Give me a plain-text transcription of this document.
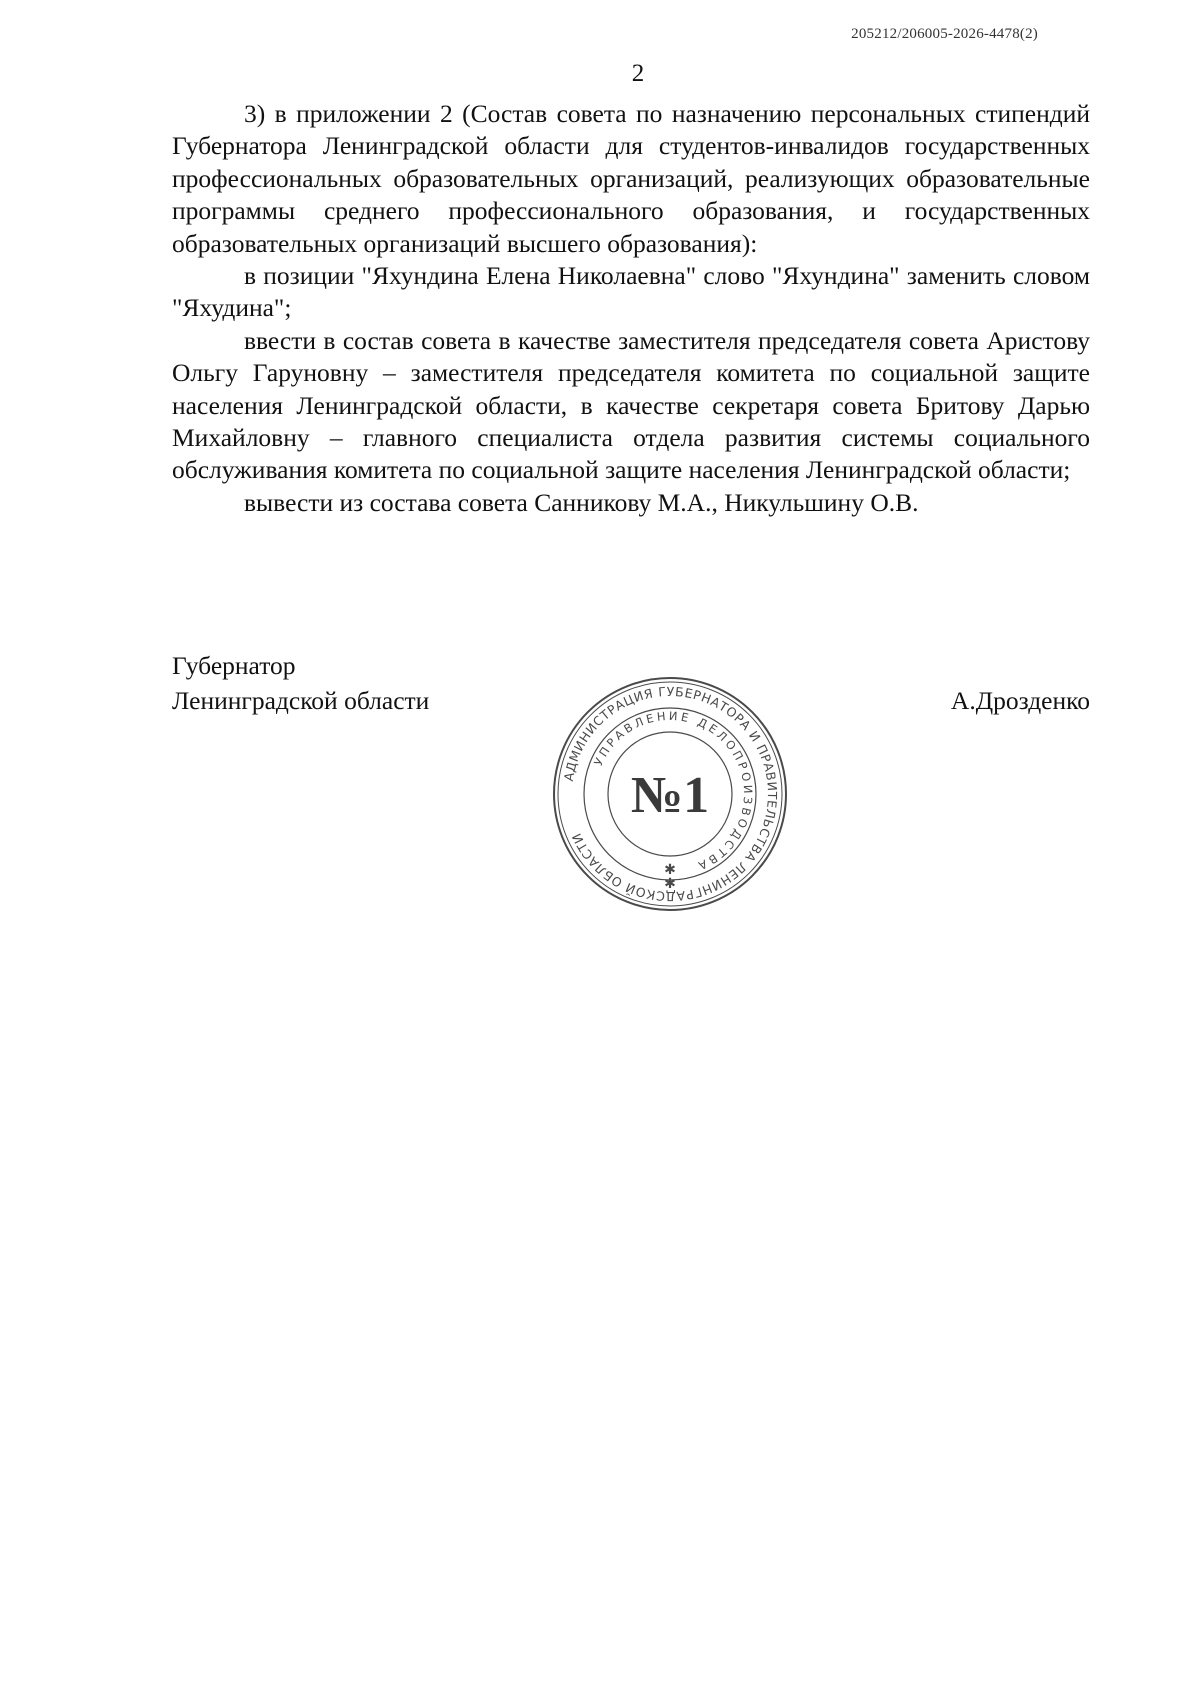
205212/206005-2026-4478(2)
2

3) в приложении 2 (Состав совета по назначению персональных стипендий Губернатора Ленинградской области для студентов-инвалидов государственных профессиональных образовательных организаций, реализующих образовательные программы среднего профессионального образования, и государственных образовательных организаций высшего образования):

в позиции "Яхундина Елена Николаевна" слово "Яхундина" заменить словом "Яхудина";

ввести в состав совета в качестве заместителя председателя совета Аристову Ольгу Гаруновну – заместителя председателя комитета по социальной защите населения Ленинградской области, в качестве секретаря совета Бритову Дарью Михайловну – главного специалиста отдела развития системы социального обслуживания комитета по социальной защите населения Ленинградской области;

вывести из состава совета Санникову М.А., Никульшину О.В.

Губернатор
Ленинградской области	А.Дрозденко
АДМИНИСТРАЦИЯ ГУБЕРНАТОРА И ПРАВИТЕЛЬСТВА ЛЕНИНГРАДСКОЙ ОБЛАСТИ
УПРАВЛЕНИЕ ДЕЛОПРОИЗВОДСТВА
№1
✱
✱
